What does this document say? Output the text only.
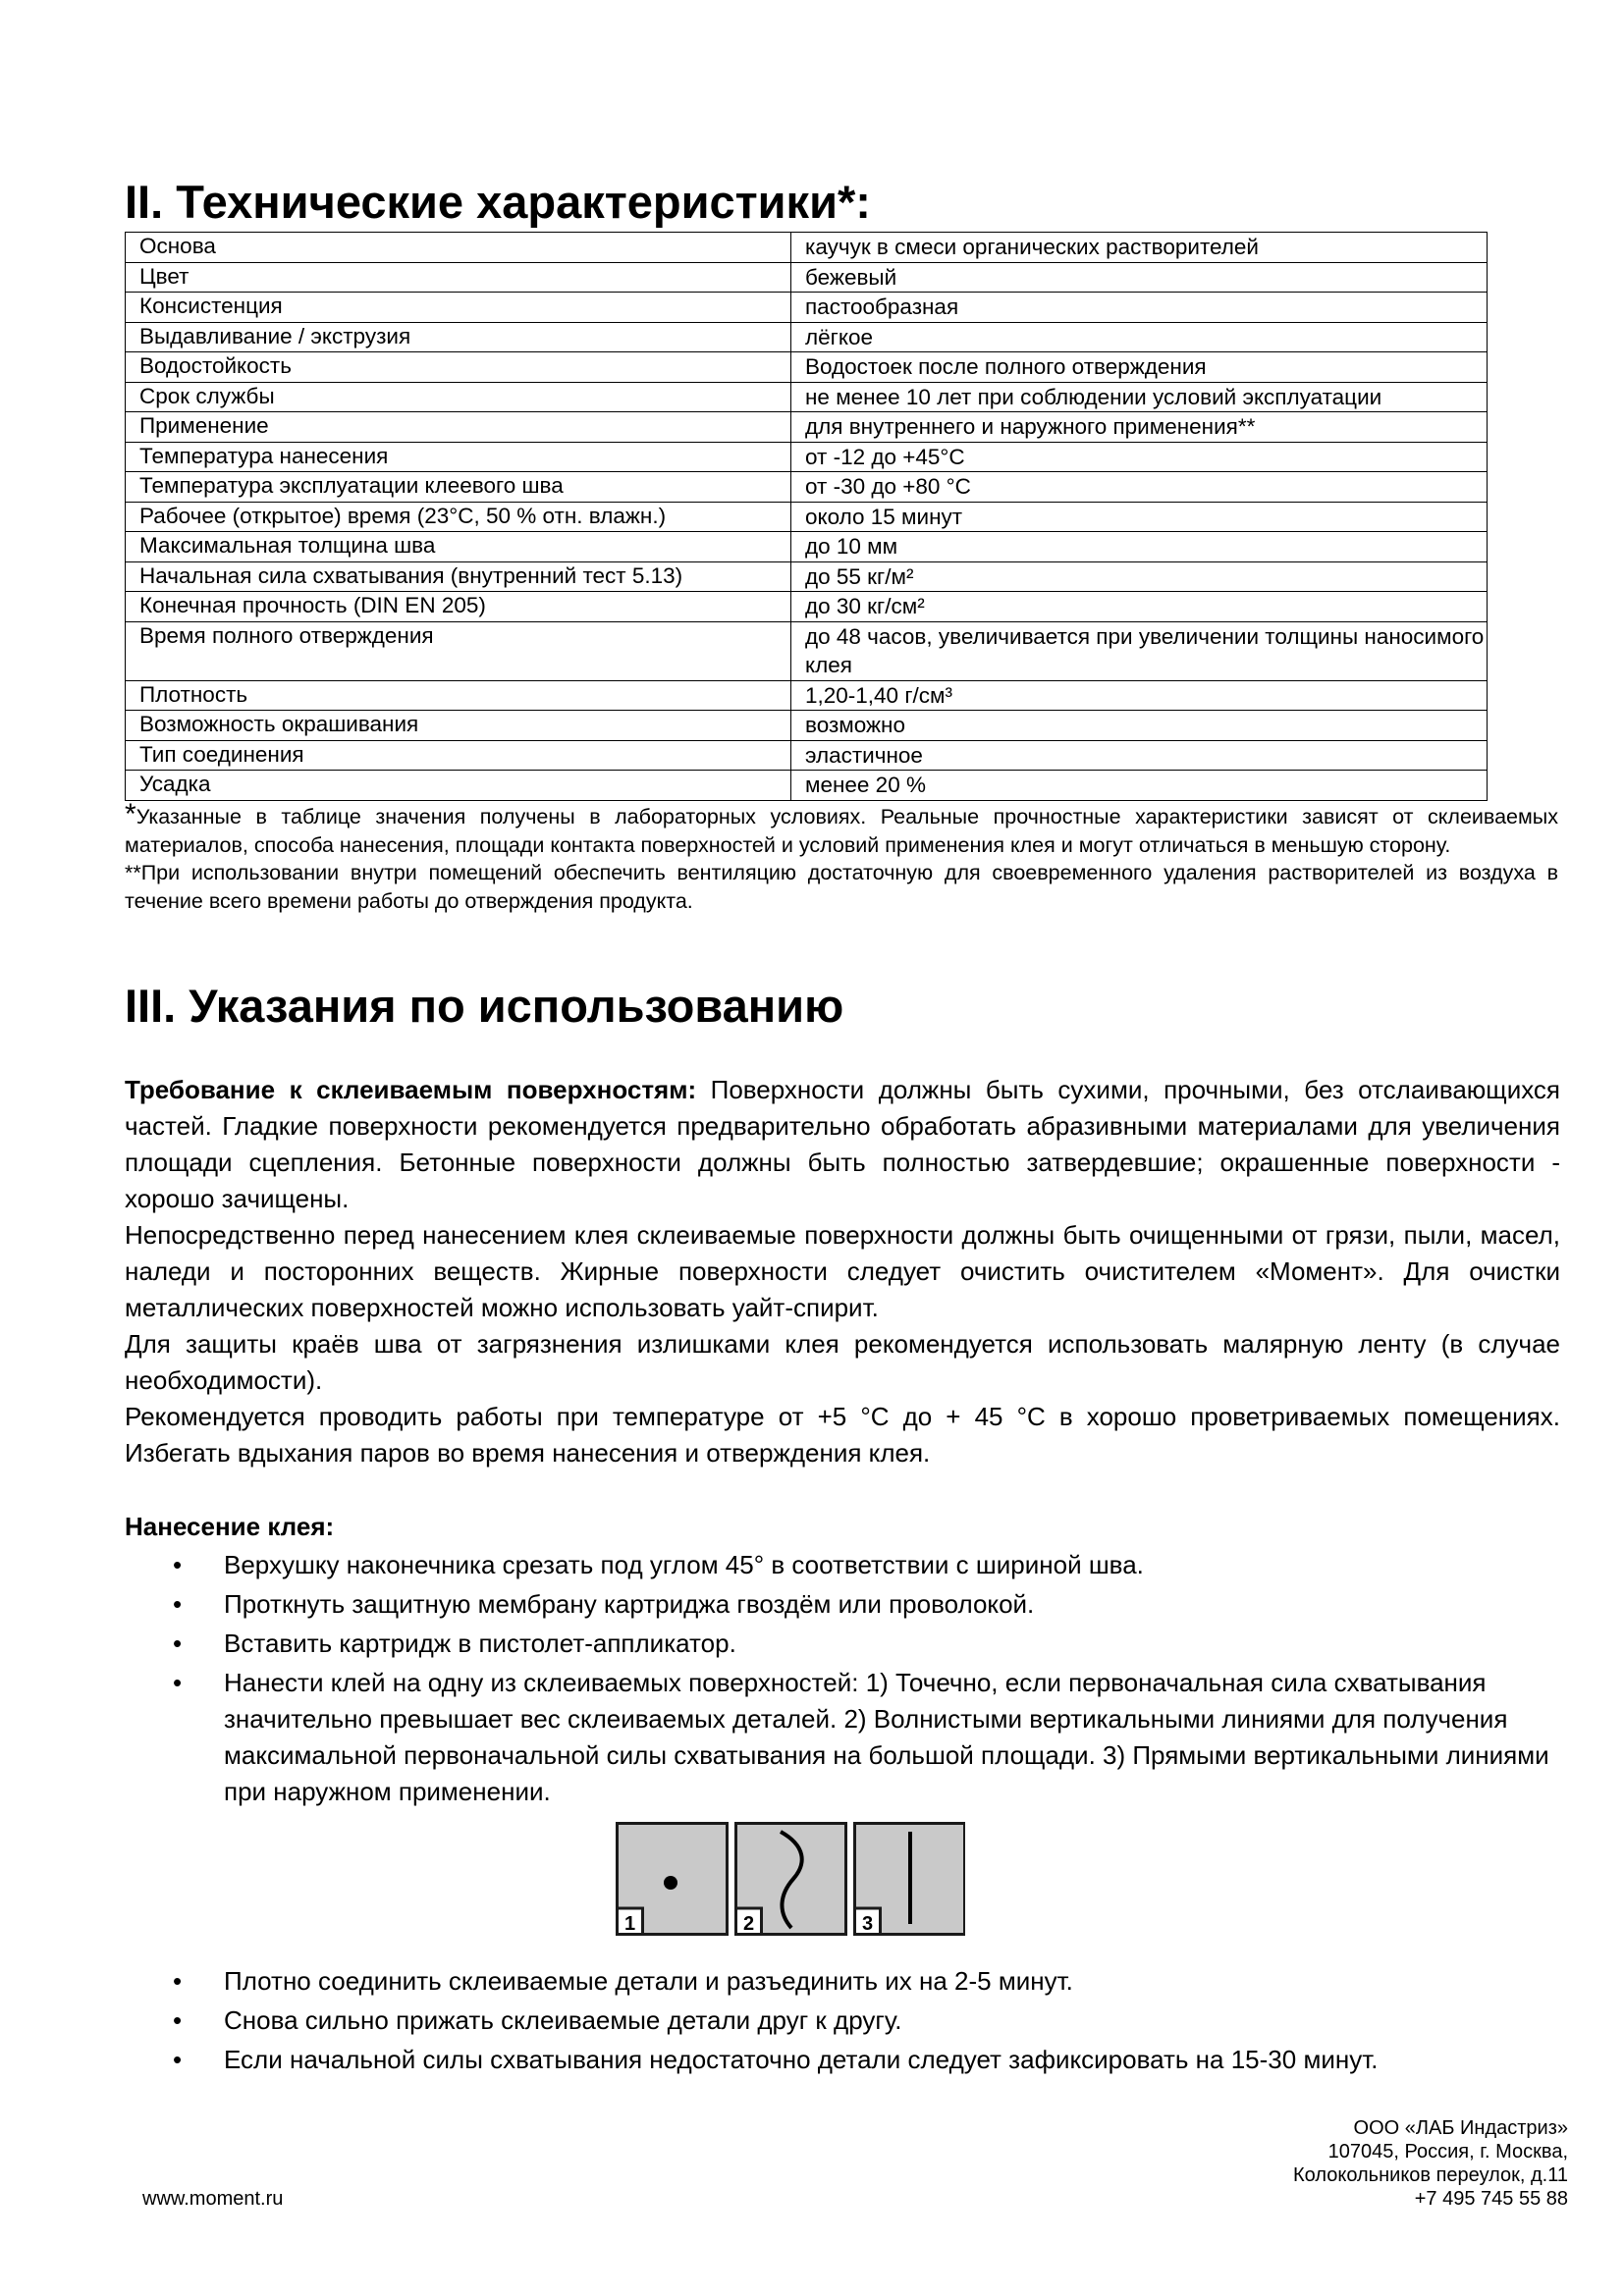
II. Технические характеристики*:
Основа	каучук в смеси органических растворителей
Цвет	бежевый
Консистенция	пастообразная
Выдавливание / экструзия	лёгкое
Водостойкость	Водостоек после полного отверждения
Срок службы	не менее 10 лет при соблюдении условий эксплуатации
Применение	для внутреннего и наружного применения**
Температура нанесения	от -12 до +45°С
Температура эксплуатации клеевого шва	от -30 до +80 °С
Рабочее (открытое) время (23°С, 50 % отн. влажн.)	около 15 минут
Максимальная толщина шва	до 10 мм
Начальная сила схватывания (внутренний тест 5.13)	до 55 кг/м²
Конечная прочность (DIN EN 205)	до 30 кг/см²
Время полного отверждения	до 48 часов, увеличивается при увеличении толщины наносимого клея
Плотность	1,20-1,40 г/см³
Возможность окрашивания	возможно
Тип соединения	эластичное
Усадка	менее 20 %

*Указанные в таблице значения получены в лабораторных условиях. Реальные прочностные характеристики зависят от склеиваемых материалов, способа нанесения, площади контакта поверхностей и условий применения клея и могут отличаться в меньшую сторону.

**При использовании внутри помещений обеспечить вентиляцию достаточную для своевременного удаления растворителей из воздуха в течение всего времени работы до отверждения продукта.

III. Указания по использованию

Требование к склеиваемым поверхностям: Поверхности должны быть сухими, прочными, без отслаивающихся частей. Гладкие поверхности рекомендуется предварительно обработать абразивными материалами для увеличения площади сцепления. Бетонные поверхности должны быть полностью затвердевшие; окрашенные поверхности - хорошо зачищены.

Непосредственно перед нанесением клея склеиваемые поверхности должны быть очищенными от грязи, пыли, масел, наледи и посторонних веществ. Жирные поверхности следует очистить очистителем «Момент». Для очистки металлических поверхностей можно использовать уайт-спирит.

Для защиты краёв шва от загрязнения излишками клея рекомендуется использовать малярную ленту (в случае необходимости).

Рекомендуется проводить работы при температуре от +5 °С до + 45 °С в хорошо проветриваемых помещениях. Избегать вдыхания паров во время нанесения и отверждения клея.

Нанесение клея:
• Верхушку наконечника срезать под углом 45° в соответствии с шириной шва.
• Проткнуть защитную мембрану картриджа гвоздём или проволокой.
• Вставить картридж в пистолет-аппликатор.
• Нанести клей на одну из склеиваемых поверхностей: 1) Точечно, если первоначальная сила схватывания значительно превышает вес склеиваемых деталей. 2) Волнистыми вертикальными линиями для получения максимальной первоначальной силы схватывания на большой площади. 3) Прямыми вертикальными линиями при наружном применении.
1	2	3
• Плотно соединить склеиваемые детали и разъединить их на 2-5 минут.
• Снова сильно прижать склеиваемые детали друг к другу.
• Если начальной силы схватывания недостаточно детали следует зафиксировать на 15-30 минут.
ООО «ЛАБ Индастриз»
107045, Россия, г. Москва,
Колокольников переулок, д.11
+7 495 745 55 88
www.moment.ru
